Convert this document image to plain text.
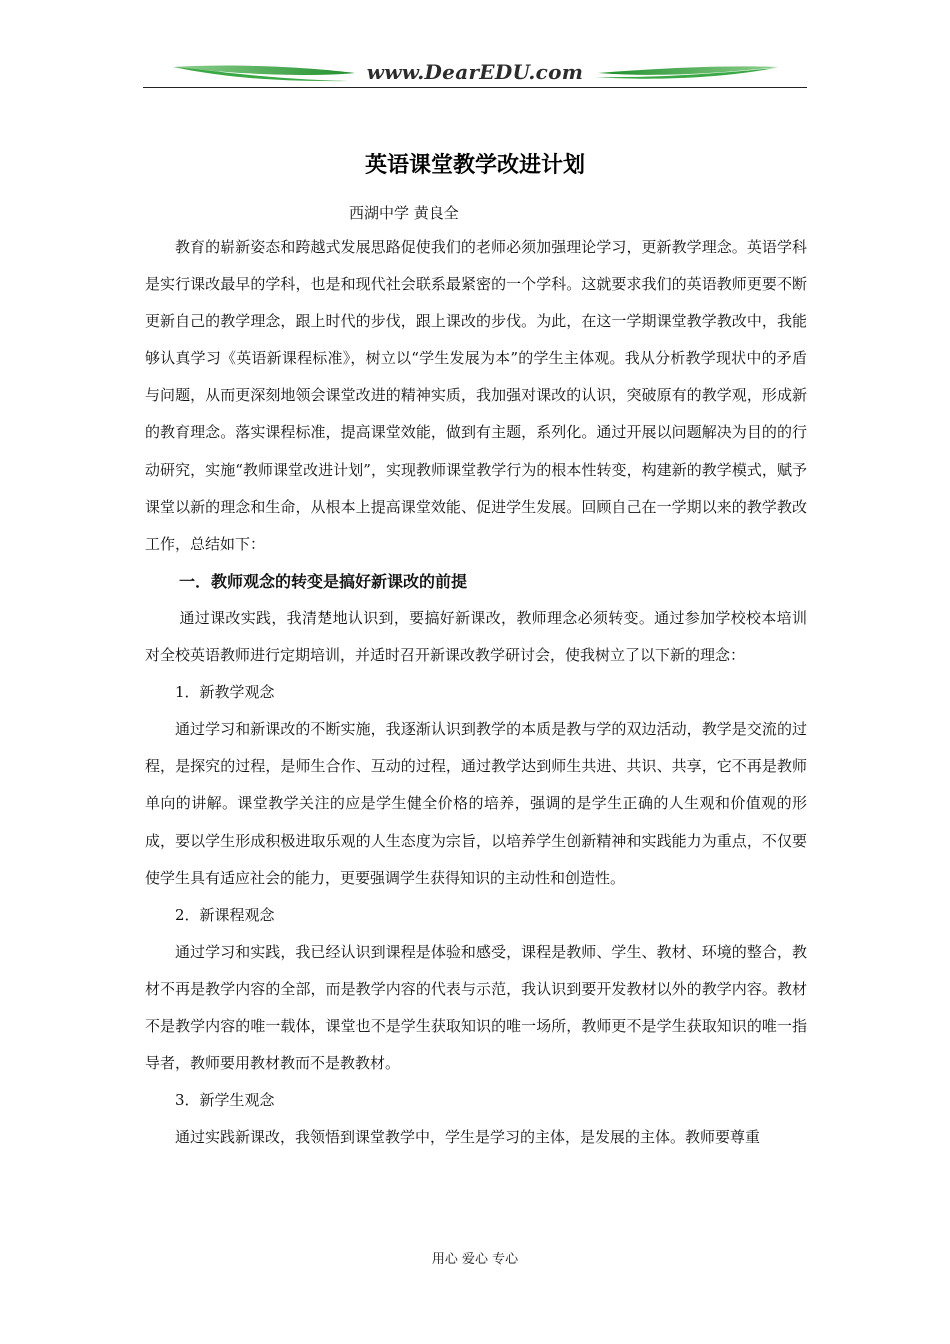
www.DearEDU.com
英语课堂教学改进计划
西湖中学 黄良全

教育的崭新姿态和跨越式发展思路促使我们的老师必须加强理论学习，更新教学理念。英语学科是实行课改最早的学科，也是和现代社会联系最紧密的一个学科。这就要求我们的英语教师更要不断更新自己的教学理念，跟上时代的步伐，跟上课改的步伐。为此，在这一学期课堂教学教改中，我能够认真学习《英语新课程标准》，树立以“学生发展为本”的学生主体观。我从分析教学现状中的矛盾与问题，从而更深刻地领会课堂改进的精神实质，我加强对课改的认识，突破原有的教学观，形成新的教育理念。落实课程标准，提高课堂效能，做到有主题，系列化。通过开展以问题解决为目的的行动研究，实施“教师课堂改进计划”，实现教师课堂教学行为的根本性转变，构建新的教学模式，赋予课堂以新的理念和生命，从根本上提高课堂效能、促进学生发展。回顾自己在一学期以来的教学教改工作，总结如下：

一．教师观念的转变是搞好新课改的前提

通过课改实践，我清楚地认识到，要搞好新课改，教师理念必须转变。通过参加学校校本培训对全校英语教师进行定期培训，并适时召开新课改教学研讨会，使我树立了以下新的理念：

1．新教学观念

通过学习和新课改的不断实施，我逐渐认识到教学的本质是教与学的双边活动，教学是交流的过程，是探究的过程，是师生合作、互动的过程，通过教学达到师生共进、共识、共享，它不再是教师单向的讲解。课堂教学关注的应是学生健全价格的培养，强调的是学生正确的人生观和价值观的形成，要以学生形成积极进取乐观的人生态度为宗旨，以培养学生创新精神和实践能力为重点，不仅要使学生具有适应社会的能力，更要强调学生获得知识的主动性和创造性。

2．新课程观念

通过学习和实践，我已经认识到课程是体验和感受，课程是教师、学生、教材、环境的整合，教材不再是教学内容的全部，而是教学内容的代表与示范，我认识到要开发教材以外的教学内容。教材不是教学内容的唯一载体，课堂也不是学生获取知识的唯一场所，教师更不是学生获取知识的唯一指导者，教师要用教材教而不是教教材。

3．新学生观念

通过实践新课改，我领悟到课堂教学中，学生是学习的主体，是发展的主体。教师要尊重

用心 爱心 专心
